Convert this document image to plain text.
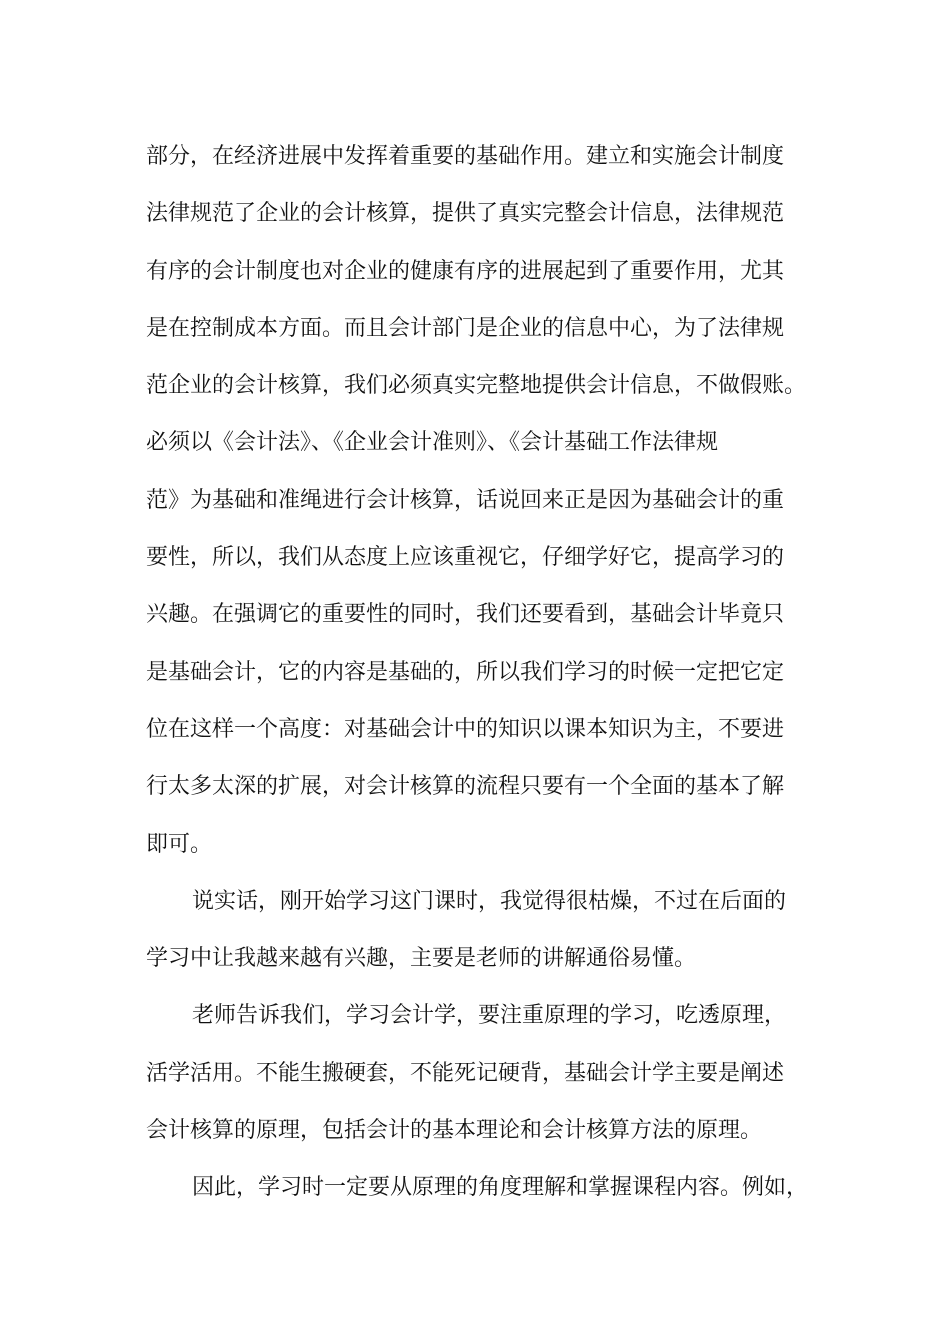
部分，在经济进展中发挥着重要的基础作用。建立和实施会计制度
法律规范了企业的会计核算，提供了真实完整会计信息，法律规范
有序的会计制度也对企业的健康有序的进展起到了重要作用，尤其
是在控制成本方面。而且会计部门是企业的信息中心，为了法律规
范企业的会计核算，我们必须真实完整地提供会计信息，不做假账。
必须以《会计法》、《企业会计准则》、《会计基础工作法律规
范》为基础和准绳进行会计核算，话说回来正是因为基础会计的重
要性，所以，我们从态度上应该重视它，仔细学好它，提高学习的
兴趣。在强调它的重要性的同时，我们还要看到，基础会计毕竟只
是基础会计，它的内容是基础的，所以我们学习的时候一定把它定
位在这样一个高度：对基础会计中的知识以课本知识为主，不要进
行太多太深的扩展，对会计核算的流程只要有一个全面的基本了解
即可。
说实话，刚开始学习这门课时，我觉得很枯燥，不过在后面的
学习中让我越来越有兴趣，主要是老师的讲解通俗易懂。
老师告诉我们，学习会计学，要注重原理的学习，吃透原理，
活学活用。不能生搬硬套，不能死记硬背，基础会计学主要是阐述
会计核算的原理，包括会计的基本理论和会计核算方法的原理。
因此，学习时一定要从原理的角度理解和掌握课程内容。例如，
